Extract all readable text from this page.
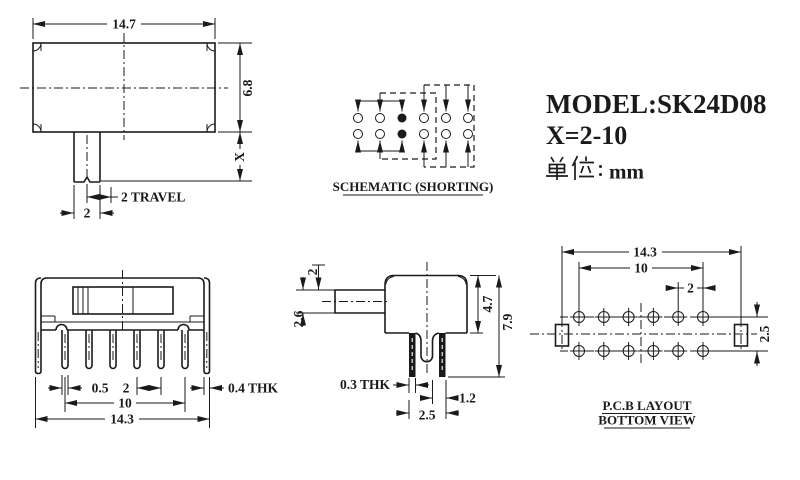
14.7
6.8
X
2 TRAVEL
2
SCHEMATIC (SHORTING)
MODEL:SK24D08
X=2-10
mm
0.5 2
10
14.3
0.4 THK
2
2.6
4.7
7.9
0.3 THK
1.2
2.5
14.3
10
2
2.5
P.C.B LAYOUT
BOTTOM VIEW
